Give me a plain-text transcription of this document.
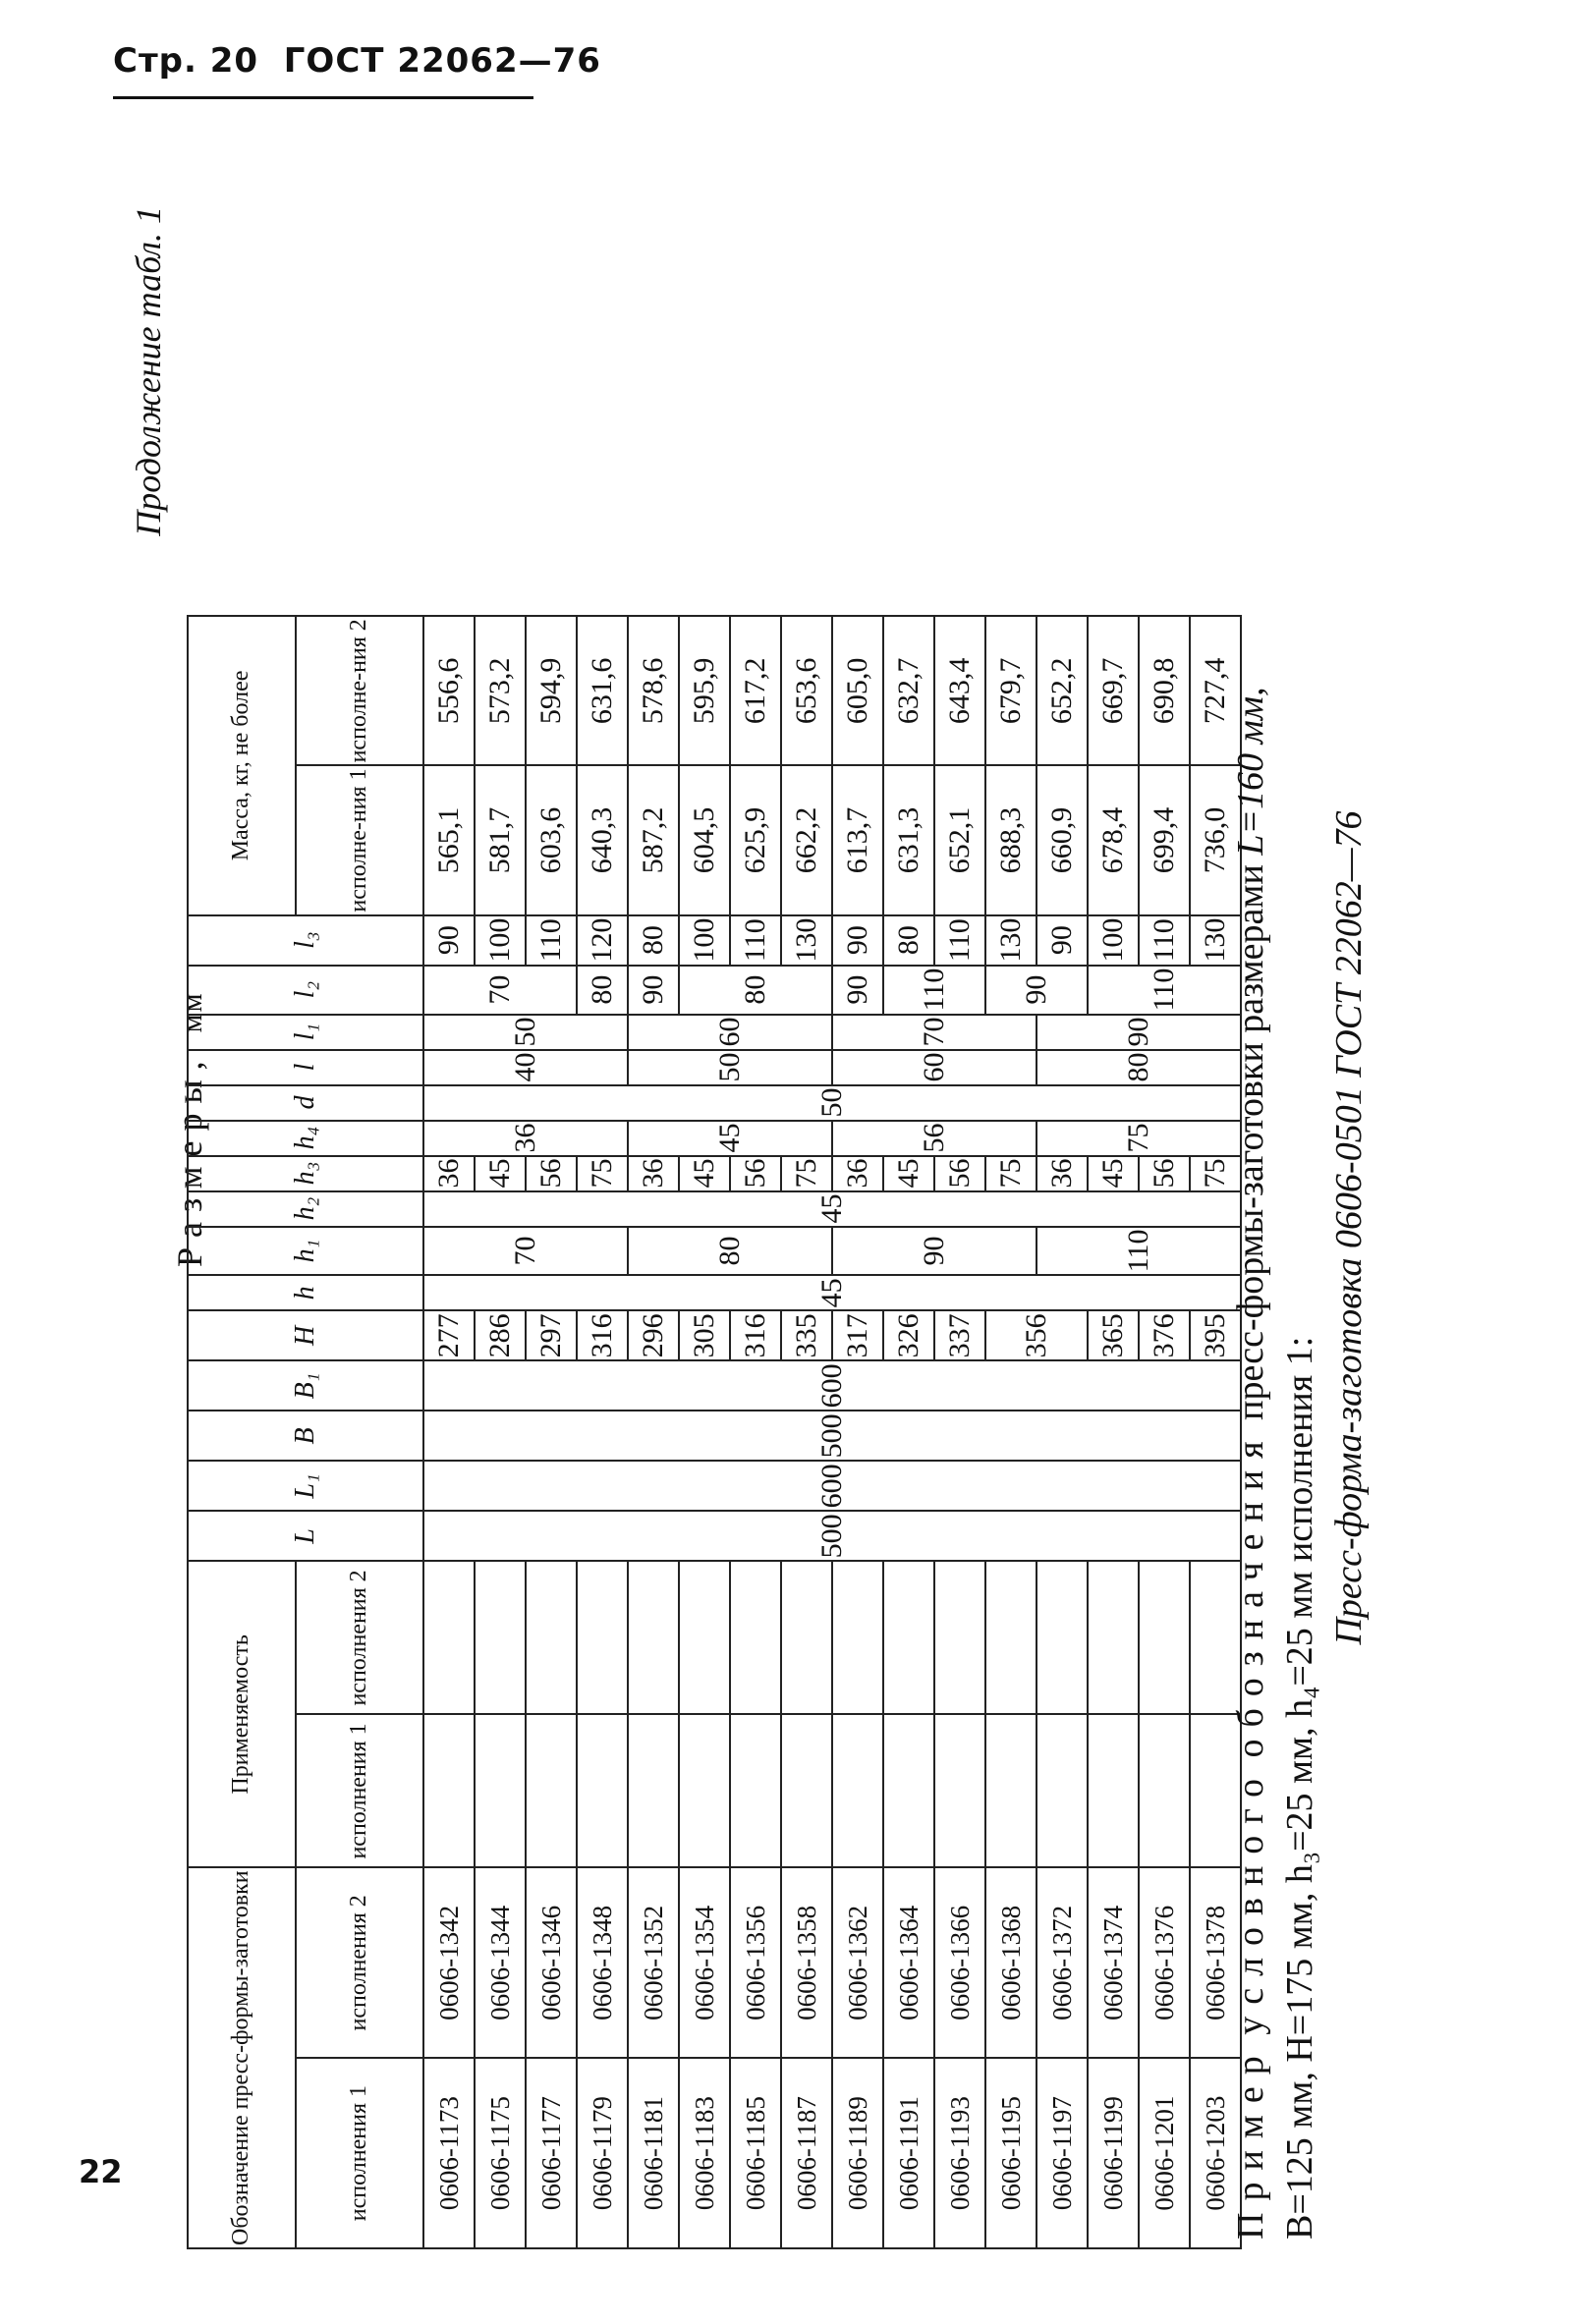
Стр. 20 ГОСТ 22062—76
22
Продолжение табл. 1
Размеры, мм
Обозначение пресс-формы-заготовки		Применяемость		L	L₁	B	B₁	H	h	h₁	h₂	h₃	h₄	d	l	l₁	l₂	l₃	Масса, кг, не более	
исполнения 1	исполнения 2	исполнения 1	исполнения 2																исполне-ния 1	исполне-ния 2
0606-1173	0606-1342			500	600	500	600	277	45	70	45	36	36	50	40	50	70	90	565,1	556,6
0606-1175	0606-1344							286				45						100	581,7	573,2
0606-1177	0606-1346							297				56						110	603,6	594,9
0606-1179	0606-1348							316				75					80	120	640,3	631,6
0606-1181	0606-1352							296		80		36	45		50	60	90	80	587,2	578,6
0606-1183	0606-1354							305				45					80	100	604,5	595,9
0606-1185	0606-1356							316				56						110	625,9	617,2
0606-1187	0606-1358							335				75						130	662,2	653,6
0606-1189	0606-1362							317		90		36	56		60	70	90	90	613,7	605,0
0606-1191	0606-1364							326				45					110	80	631,3	632,7
0606-1193	0606-1366							337				56						110	652,1	643,4
0606-1195	0606-1368							356				75					90	130	688,3	679,7
0606-1197	0606-1372									110		36	75		80	90		90	660,9	652,2
0606-1199	0606-1374							365				45					110	100	678,4	669,7
0606-1201	0606-1376							376				56						110	699,4	690,8
0606-1203	0606-1378							395				75						130	736,0	727,4
Пример условного обозначения пресс-формы-заготовки размерами L=160 мм,
B=125 мм, H=175 мм, h₃=25 мм, h₄=25 мм исполнения 1:
Пресс-форма-заготовка 0606-0501 ГОСТ 22062—76
